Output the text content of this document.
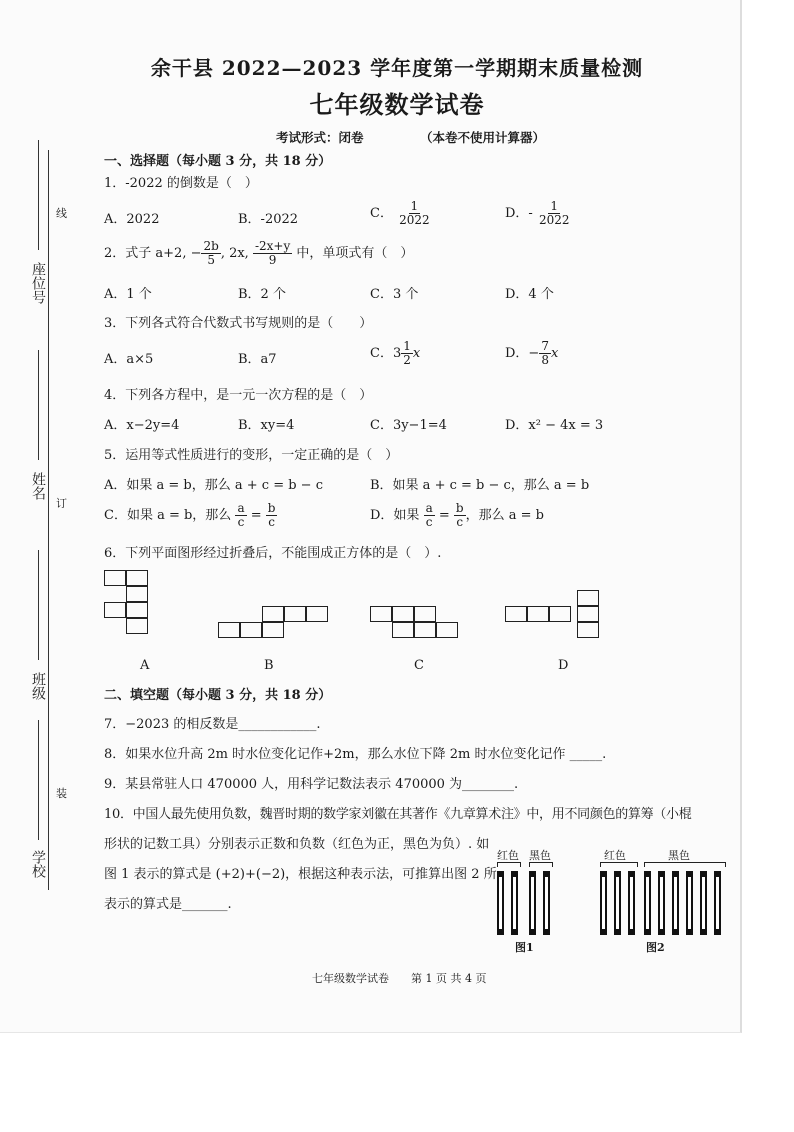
座位号
姓名
班级
学校
线
订
装
余干县 2022—2023 学年度第一学期期末质量检测
七年级数学试卷
考试形式：闭卷	（本卷不使用计算器）
一、选择题（每小题 3 分，共 18 分）
1．-2022 的倒数是（　）
A．2022	B．-2022	C． $\frac{1}{2022}$	D．- $\frac{1}{2022}$
2．式子 a+2, − $\frac{2b}{5}$ , 2x, $\frac{-2x+y}{9}$ 中，单项式有（　）
A．1 个	B．2 个	C．3 个	D．4 个
3．下列各式符合代数式书写规则的是（　　）
A．a×5	B．a7	C．$3 \frac{1}{2}$ x	D．− $\frac{7}{8}$ x
4．下列各方程中，是一元一次方程的是（　）
A．x−2y=4	B．xy=4	C．3y−1=4	D．x² − 4x = 3
5．运用等式性质进行的变形，一定正确的是（　）
A．如果 a = b，那么 a + c = b − c	B．如果 a + c = b − c，那么 a = b
C．如果 a = b，那么 $\frac{a}{c} = \frac{b}{c}$	D．如果 $\frac{a}{c} = \frac{b}{c}$ ，那么 a = b
6．下列平面图形经过折叠后，不能围成正方体的是（　）.
A	B	C	D
二、填空题（每小题 3 分，共 18 分）
7．−2023 的相反数是____________.
8．如果水位升高 2m 时水位变化记作+2m，那么水位下降 2m 时水位变化记作 _____.
9．某县常驻人口 470000 人，用科学记数法表示 470000 为________.
10．中国人最先使用负数，魏晋时期的数学家刘徽在其著作《九章算术注》中，用不同颜色的算筹（小棍
形状的记数工具）分别表示正数和负数（红色为正，黑色为负）. 如
图 1 表示的算式是 (+2)+(−2)，根据这种表示法，可推算出图 2 所
表示的算式是_______.
红色 黑色
图1
红色	黑色
图2
七年级数学试卷　　第 1 页 共 4 页
